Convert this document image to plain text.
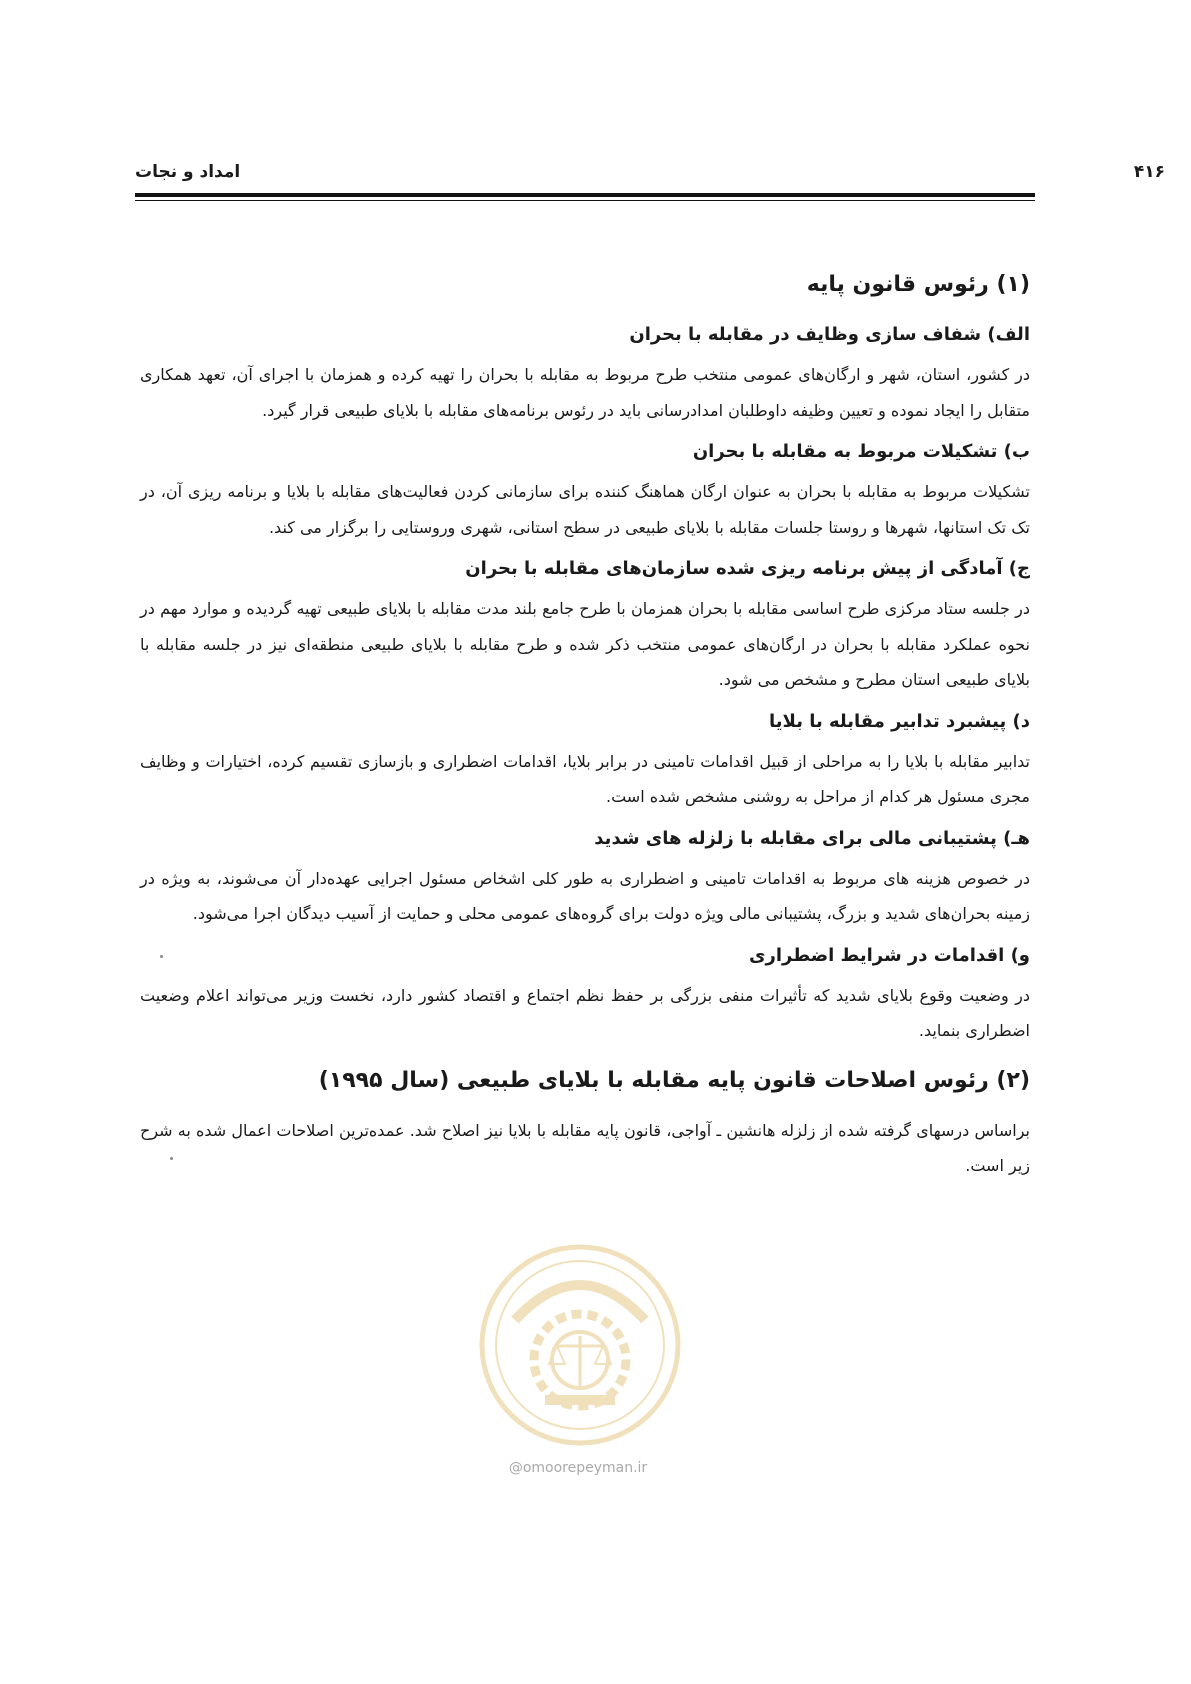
۴۱۶
امداد و نجات
(۱) رئوس قانون پایه
الف) شفاف سازی وظایف در مقابله با بحران

در کشور، استان، شهر و ارگان‌های عمومی منتخب طرح مربوط به مقابله با بحران را تهیه کرده و همزمان با اجرای آن، تعهد همکاری متقابل را ایجاد نموده و تعیین وظیفه داوطلبان امدادرسانی باید در رئوس برنامه‌های مقابله با بلایای طبیعی قرار گیرد.

ب) تشکیلات مربوط به مقابله با بحران

تشکیلات مربوط به مقابله با بحران به عنوان ارگان هماهنگ کننده برای سازمانی کردن فعالیت‌های مقابله با بلایا و برنامه ریزی آن، در تک تک استانها، شهرها و روستا جلسات مقابله با بلایای طبیعی در سطح استانی، شهری وروستایی را برگزار می کند.

ج) آمادگی از پیش برنامه ریزی شده سازمان‌های مقابله با بحران

در جلسه ستاد مرکزی طرح اساسی مقابله با بحران همزمان با طرح جامع بلند مدت مقابله با بلایای طبیعی تهیه گردیده و موارد مهم در نحوه عملکرد مقابله با بحران در ارگان‌های عمومی منتخب ذکر شده و طرح مقابله با بلایای طبیعی منطقه‌ای نیز در جلسه مقابله با بلایای طبیعی استان مطرح و مشخص می شود.

د) پیشبرد تدابیر مقابله با بلایا

تدابیر مقابله با بلایا را به مراحلی از قبیل اقدامات تامینی در برابر بلایا، اقدامات اضطراری و بازسازی تقسیم کرده، اختیارات و وظایف مجری مسئول هر کدام از مراحل به روشنی مشخص شده است.

هـ) پشتیبانی مالی برای مقابله با زلزله های شدید

در خصوص هزینه های مربوط به اقدامات تامینی و اضطراری به طور کلی اشخاص مسئول اجرایی عهده‌دار آن می‌شوند، به ویژه در زمینه بحران‌های شدید و بزرگ، پشتیبانی مالی ویژه دولت برای گروه‌های عمومی محلی و حمایت از آسیب دیدگان اجرا می‌شود.

و) اقدامات در شرایط اضطراری

در وضعیت وقوع بلایای شدید که تأثیرات منفی بزرگی بر حفظ نظم اجتماع و اقتصاد کشور دارد، نخست وزیر می‌تواند اعلام وضعیت اضطراری بنماید.

(۲) رئوس اصلاحات قانون پایه مقابله با بلایای طبیعی (سال ۱۹۹۵)

براساس درسهای گرفته شده از زلزله هانشین ـ آواجی، قانون پایه مقابله با بلایا نیز اصلاح شد. عمده‌ترین اصلاحات اعمال شده به شرح زیر است.

@omoorepeyman.ir
